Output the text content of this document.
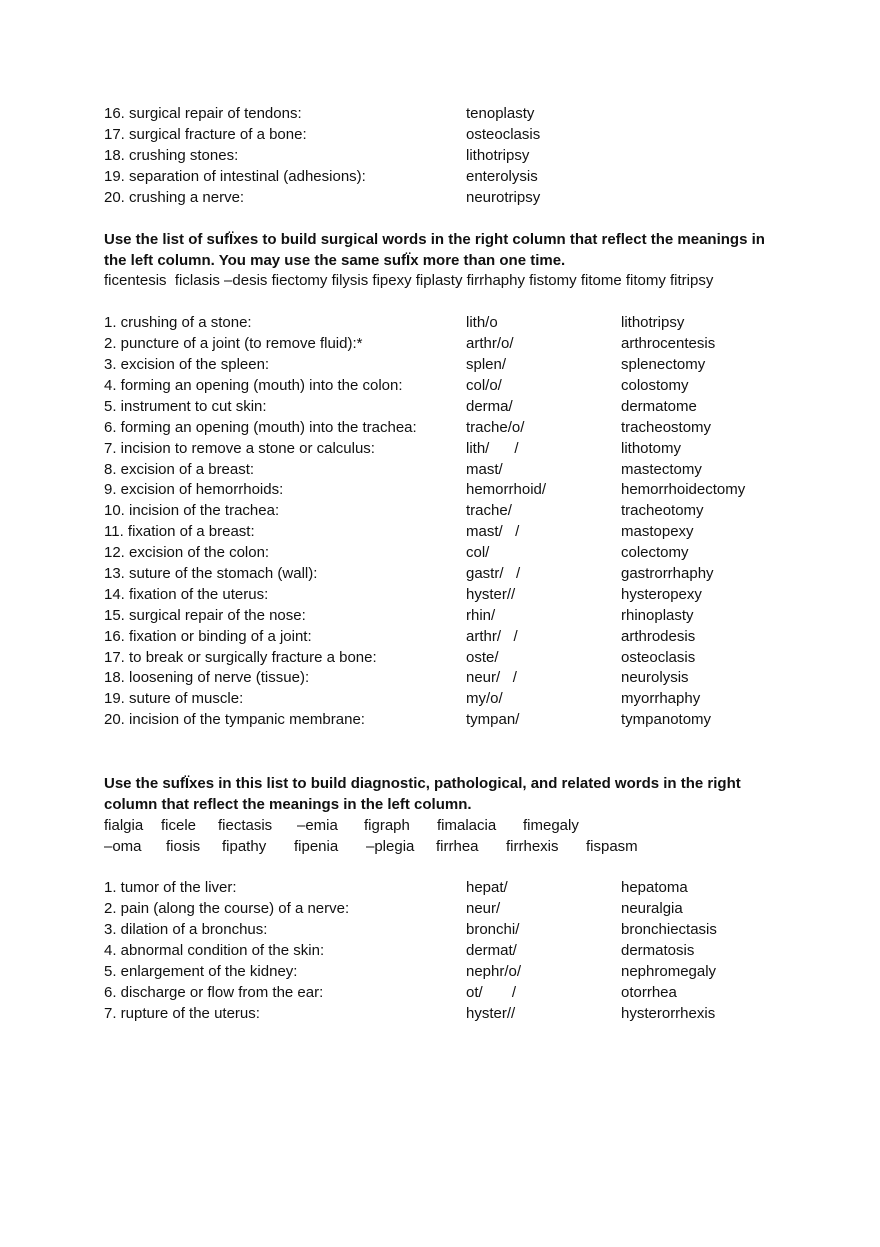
16. surgical repair of tendons:	tenoplasty
17. surgical fracture of a bone:	osteoclasis
18. crushing stones:	lithotripsy
19. separation of intestinal (adhesions):	enterolysis
20. crushing a nerve:	neurotripsy
Use the list of sufÏxes to build surgical words in the right column that reflect the meanings in the left column. You may use the same sufÏx more than one time.
ficentesis  ficlasis –desis fiectomy filysis fipexy fiplasty firrhaphy fistomy fitome fitomy fitripsy
1. crushing of a stone:	lith/o	lithotripsy
2. puncture of a joint (to remove fluid):*	arthr/o/	arthrocentesis
3. excision of the spleen:	splen/	splenectomy
4. forming an opening (mouth) into the colon:	col/o/	colostomy
5. instrument to cut skin:	derma/	dermatome
6. forming an opening (mouth) into the trachea:	trache/o/	tracheostomy
7. incision to remove a stone or calculus:	lith/      /	lithotomy
8. excision of a breast:	mast/	mastectomy
9. excision of hemorrhoids:	hemorrhoid/	hemorrhoidectomy
10. incision of the trachea:	trache/	tracheotomy
11. fixation of a breast:	mast/   /	mastopexy
12. excision of the colon:	col/	colectomy
13. suture of the stomach (wall):	gastr/   /	gastrorrhaphy
14. fixation of the uterus:	hyster//	hysteropexy
15. surgical repair of the nose:	rhin/	rhinoplasty
16. fixation or binding of a joint:	arthr/   /	arthrodesis
17. to break or surgically fracture a bone:	oste/	osteoclasis
18. loosening of nerve (tissue):	neur/   /	neurolysis
19. suture of muscle:	my/o/	myorrhaphy
20. incision of the tympanic membrane:	tympan/	tympanotomy
Use the sufÏxes in this list to build diagnostic, pathological, and related words in the right column that reflect the meanings in the left column.
fialgia ficele fiectasis –emia figraph fimalacia fimegaly
–oma fiosis fipathy fipenia –plegia firrhea firrhexis fispasm
1. tumor of the liver:	hepat/	hepatoma
2. pain (along the course) of a nerve:	neur/	neuralgia
3. dilation of a bronchus:	bronchi/	bronchiectasis
4. abnormal condition of the skin:	dermat/	dermatosis
5. enlargement of the kidney:	nephr/o/	nephromegaly
6. discharge or flow from the ear:	ot/       /	otorrhea
7. rupture of the uterus:	hyster//	hysterorrhexis
